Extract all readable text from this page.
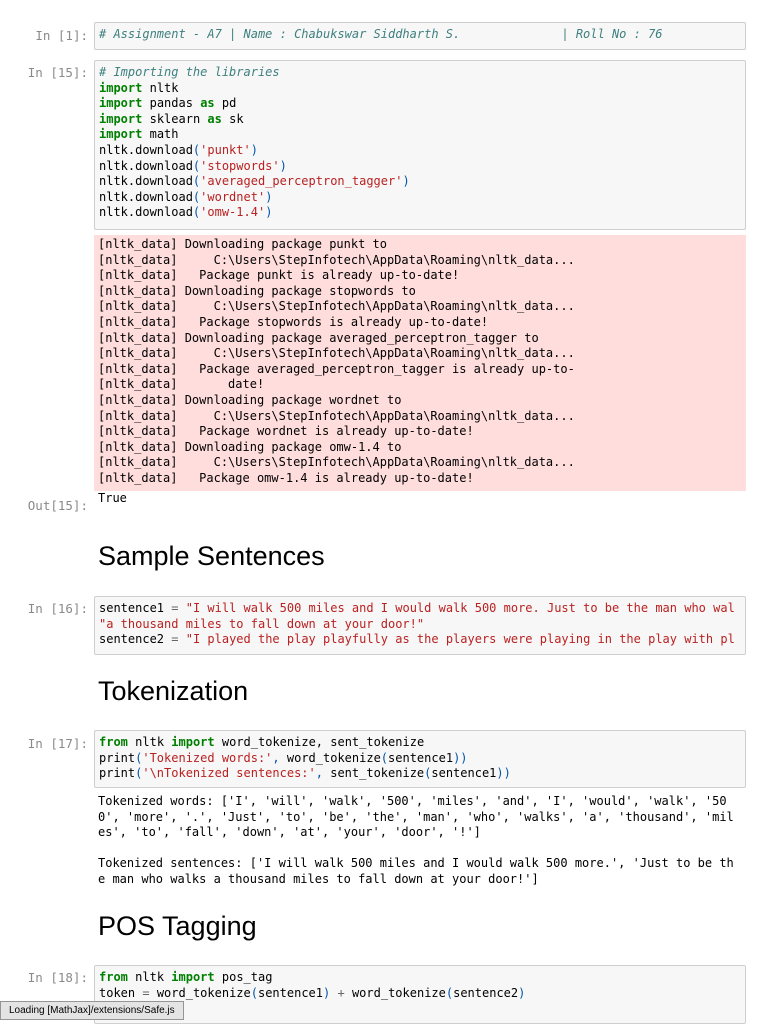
In [1]: # Assignment - A7 | Name : Chabukswar Siddharth S.              | Roll No : 76
In [15]: # Importing the libraries
import nltk
import pandas as pd
import sklearn as sk
import math
nltk.download('punkt')
nltk.download('stopwords')
nltk.download('averaged_perceptron_tagger')
nltk.download('wordnet')
nltk.download('omw-1.4')
[nltk_data] Downloading package punkt to
[nltk_data]     C:\Users\StepInfotech\AppData\Roaming\nltk_data...
[nltk_data]   Package punkt is already up-to-date!
[nltk_data] Downloading package stopwords to
[nltk_data]     C:\Users\StepInfotech\AppData\Roaming\nltk_data...
[nltk_data]   Package stopwords is already up-to-date!
[nltk_data] Downloading package averaged_perceptron_tagger to
[nltk_data]     C:\Users\StepInfotech\AppData\Roaming\nltk_data...
[nltk_data]   Package averaged_perceptron_tagger is already up-to-
[nltk_data]       date!
[nltk_data] Downloading package wordnet to
[nltk_data]     C:\Users\StepInfotech\AppData\Roaming\nltk_data...
[nltk_data]   Package wordnet is already up-to-date!
[nltk_data] Downloading package omw-1.4 to
[nltk_data]     C:\Users\StepInfotech\AppData\Roaming\nltk_data...
[nltk_data]   Package omw-1.4 is already up-to-date!
Out[15]: True
Sample Sentences
In [16]: sentence1 = "I will walk 500 miles and I would walk 500 more. Just to be the man who wal
"a thousand miles to fall down at your door!"
sentence2 = "I played the play playfully as the players were playing in the play with pl
Tokenization
In [17]: from nltk import word_tokenize, sent_tokenize
print('Tokenized words:', word_tokenize(sentence1))
print('\nTokenized sentences:', sent_tokenize(sentence1))
Tokenized words: ['I', 'will', 'walk', '500', 'miles', 'and', 'I', 'would', 'walk', '50
0', 'more', '.', 'Just', 'to', 'be', 'the', 'man', 'who', 'walks', 'a', 'thousand', 'mil
es', 'to', 'fall', 'down', 'at', 'your', 'door', '!']

Tokenized sentences: ['I will walk 500 miles and I would walk 500 more.', 'Just to be th
e man who walks a thousand miles to fall down at your door!']
POS Tagging
In [18]: from nltk import pos_tag
token = word_tokenize(sentence1) + word_tokenize(sentence2)
Loading [MathJax]/extensions/Safe.js
